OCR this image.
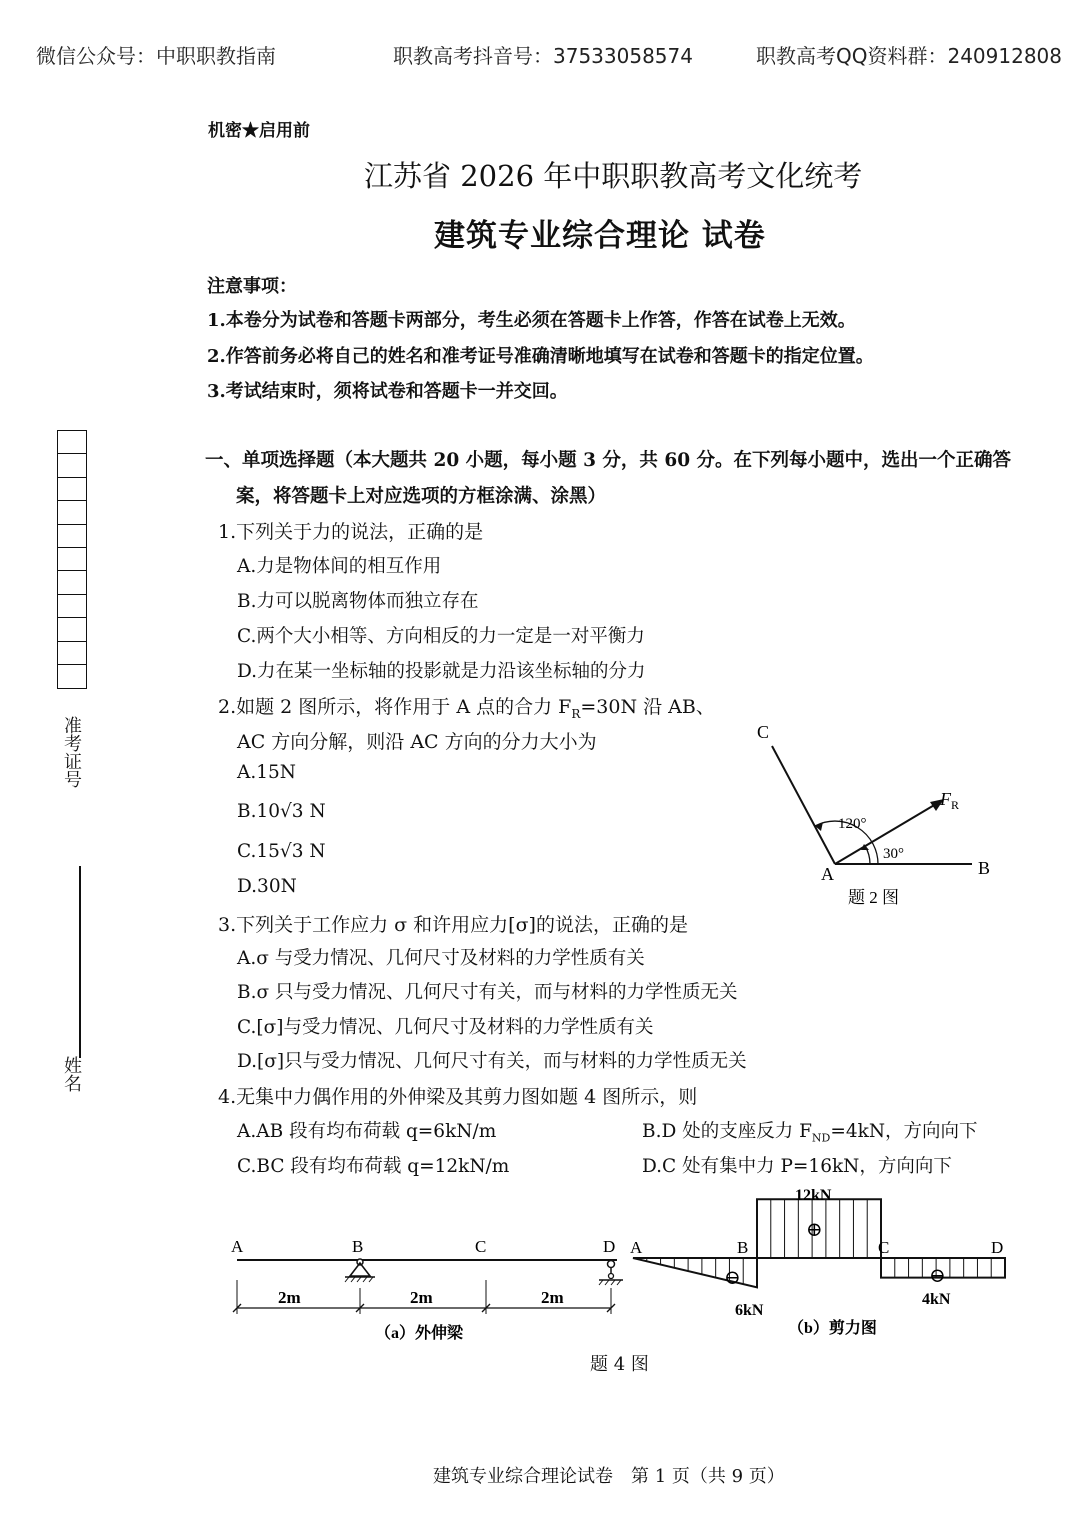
微信公众号：中职职教指南	职教高考抖音号：37533058574	职教高考QQ资料群：240912808
机密★启用前
江苏省 2026 年中职职教高考文化统考
建筑专业综合理论 试卷
注意事项：
1.本卷分为试卷和答题卡两部分，考生必须在答题卡上作答，作答在试卷上无效。
2.作答前务必将自己的姓名和准考证号准确清晰地填写在试卷和答题卡的指定位置。
3.考试结束时，须将试卷和答题卡一并交回。
准考证号
姓名
一、单项选择题（本大题共 20 小题，每小题 3 分，共 60 分。在下列每小题中，选出一个正确答
案，将答题卡上对应选项的方框涂满、涂黑）
1.下列关于力的说法，正确的是
A.力是物体间的相互作用
B.力可以脱离物体而独立存在
C.两个大小相等、方向相反的力一定是一对平衡力
D.力在某一坐标轴的投影就是力沿该坐标轴的分力
2.如题 2 图所示，将作用于 A 点的合力 $F_R=30N$ 沿 AB、
AC 方向分解，则沿 AC 方向的分力大小为
A.15N
B.10√3 N
C.15√3 N
D.30N
C
A	B
$F_R$
120°
30°
题 2 图
3.下列关于工作应力 σ 和许用应力[σ]的说法，正确的是
A.σ 与受力情况、几何尺寸及材料的力学性质有关
B.σ 只与受力情况、几何尺寸有关，而与材料的力学性质无关
C.[σ]与受力情况、几何尺寸及材料的力学性质有关
D.[σ]只与受力情况、几何尺寸有关，而与材料的力学性质无关
4.无集中力偶作用的外伸梁及其剪力图如题 4 图所示，则
A.AB 段有均布荷载 q=6kN/m	B.D 处的支座反力 $F_{ND}=4kN$，方向向下
C.BC 段有均布荷载 q=12kN/m	D.C 处有集中力 P=16kN，方向向下
A	B	C	D
2m	2m	2m
（a）外伸梁
A	B	C	D
12kN
6kN
4kN
⊕
⊖	⊖
（b）剪力图
题 4 图
建筑专业综合理论试卷　第 1 页（共 9 页）
